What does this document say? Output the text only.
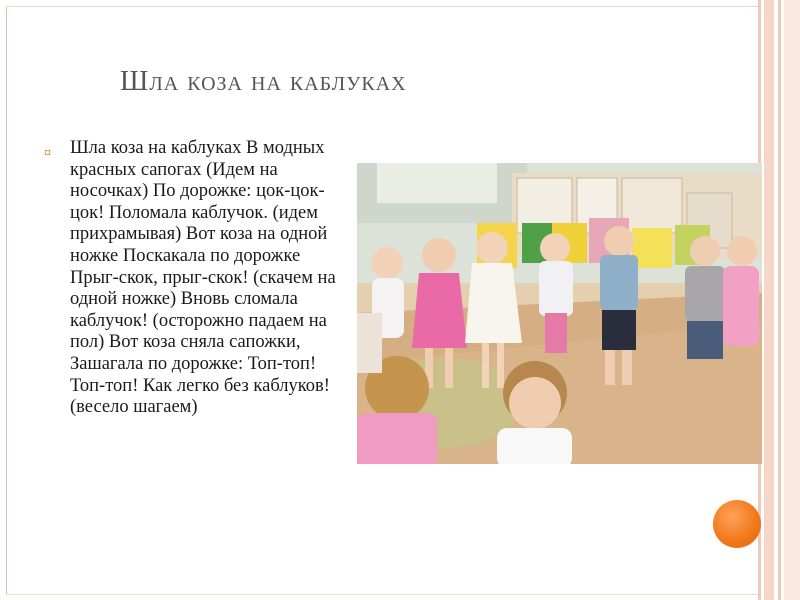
Шла коза на каблуках
¤ Шла коза на каблуках В модных красных сапогах (Идем на носочках) По дорожке: цок-цок-цок! Поломала каблучок. (идем прихрамывая) Вот коза на одной ножке Поскакала по дорожке Прыг-скок, прыг-скок! (скачем на одной ножке) Вновь сломала каблучок! (осторожно падаем на пол) Вот коза сняла сапожки, Зашагала по дорожке: Топ-топ! Топ-топ! Как легко без каблуков! (весело шагаем)
